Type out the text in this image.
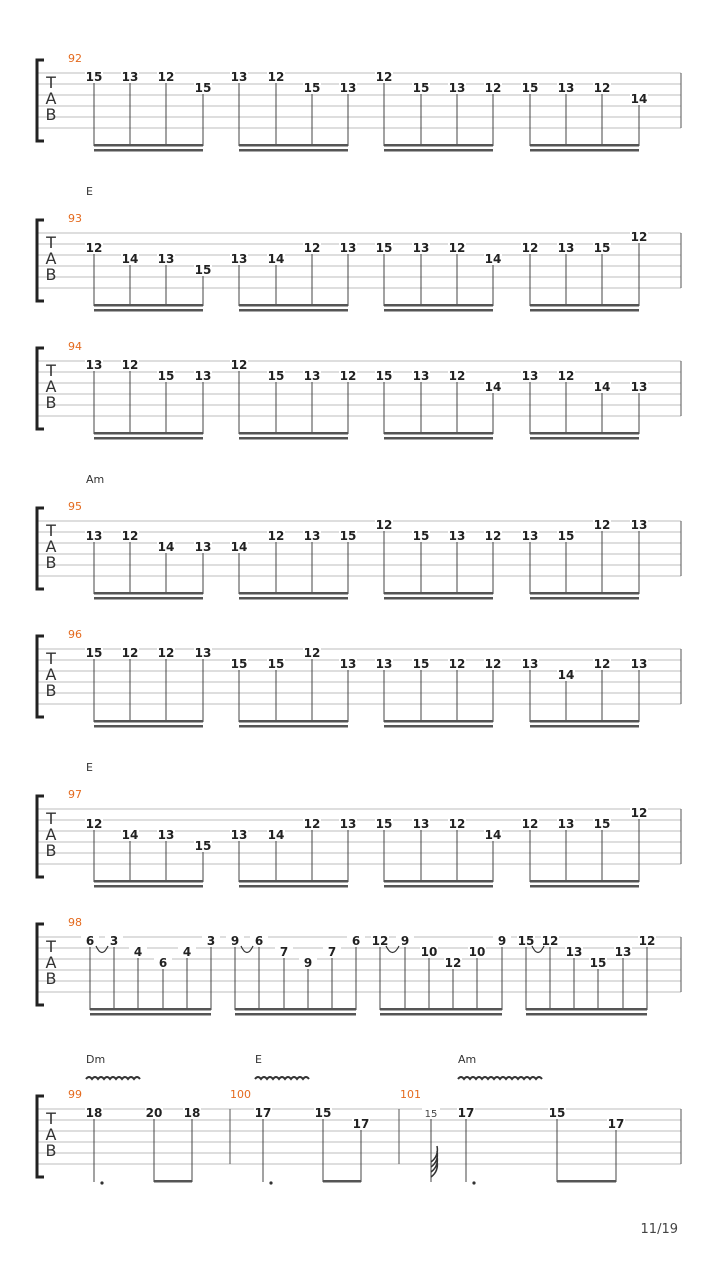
T
A
B
92
15 13 12
15
13 12
15 13
12
15 13 12 15 13 12
14
T
A
B
93
E
12
14 13
15
13 14
12 13 15 13 12
14
12 13 15
12
T
A
B
94
13 12
15 13
12
15 13 12 15 13 12
14
13 12
14 13
T
A
B
95
Am
13 12
14 13 14
12 13 15
12
15 13 12 13 15
12 13
T
A
B
96
15 12 12 13
15 15
12
13 13 15 12 12 13
14
12 13
T
A
B
97
E
12
14 13
15
13 14
12 13 15 13 12
14
12 13 15
12
T
A
B
98
6 3
4
6
4
3 9 6
7
9
7
6 12 9
10
12
10
9 15 12
13
15
13
12
T
A
B
99	100	101
Dm	E	Am
18	20 18	17	15
17
15 17	15
17
11/19
